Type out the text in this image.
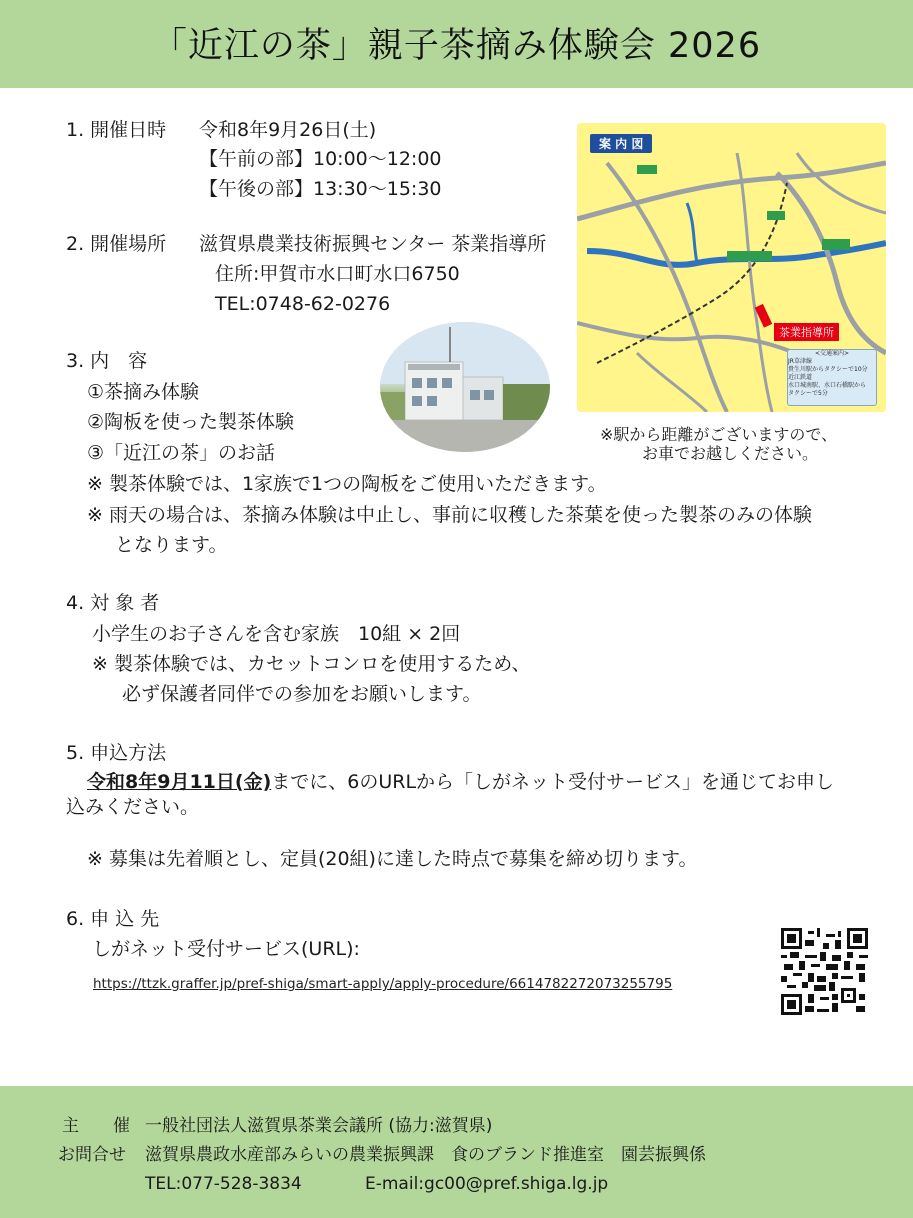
「近江の茶」親子茶摘み体験会 2026
1. 開催日時 令和8年9月26日(土)
【午前の部】10:00～12:00
【午後の部】13:30～15:30
2. 開催場所 滋賀県農業技術振興センター 茶業指導所
住所:甲賀市水口町水口6750
TEL:0748-62-0276
案 内 図
茶業指導所
<交通案内>
JR草津線
貴生川駅からタクシーで10分
近江鉄道
水口城南駅、水口石橋駅から
タクシーで5分
※駅から距離がございますので、
お車でお越しください。
3. 内　容
①茶摘み体験
②陶板を使った製茶体験
③「近江の茶」のお話
※ 製茶体験では、1家族で1つの陶板をご使用いただきます。
※ 雨天の場合は、茶摘み体験は中止し、事前に収穫した茶葉を使った製茶のみの体験
となります。
4. 対 象 者
小学生のお子さんを含む家族　10組 × 2回
※ 製茶体験では、カセットコンロを使用するため、
必ず保護者同伴での参加をお願いします。
5. 申込方法
令和8年9月11日(金)までに、6のURLから「しがネット受付サービス」を通じてお申し
込みください。
※ 募集は先着順とし、定員(20組)に達した時点で募集を締め切ります。
6. 申 込 先
しがネット受付サービス(URL):
https://ttzk.graffer.jp/pref-shiga/smart-apply/apply-procedure/6614782272073255795
主　　催 一般社団法人滋賀県茶業会議所 (協力:滋賀県)
お問合せ 滋賀県農政水産部みらいの農業振興課　食のブランド推進室　園芸振興係
TEL:077-528-3834	E-mail:gc00@pref.shiga.lg.jp
